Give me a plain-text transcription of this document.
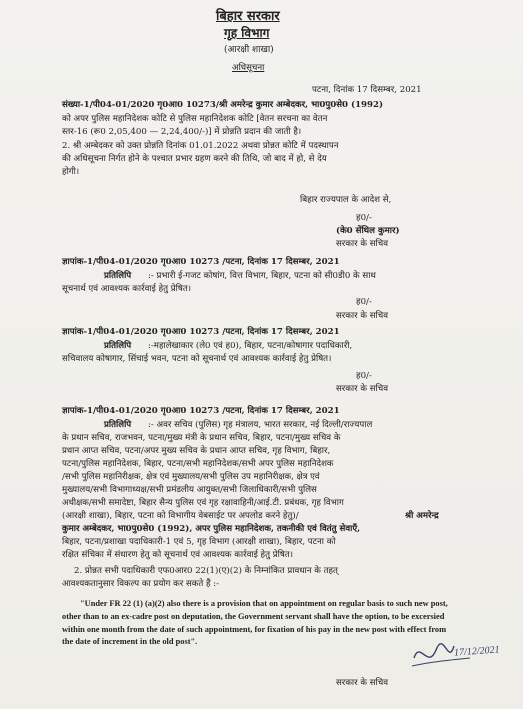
बिहार सरकार
गृह विभाग
(आरक्षी शाखा)
अधिसूचना
पटना, दिनांक 17 दिसम्बर, 2021
संख्या-1/पी04-01/2020 गृ0आ0 10273/श्री अमरेन्द्र कुमार अम्बेदकर, भा0पु0से0 (1992)
को अपर पुलिस महानिदेशक कोटि से पुलिस महानिदेशक कोटि [वेतन सरचना का वेतन
स्तर-16 (रू0 2,05,400 — 2,24,400/-)] में प्रोन्नति प्रदान की जाती है।
2. श्री अम्बेदकर को उक्त प्रोन्नति दिनांक 01.01.2022 अथवा प्रोन्नत कोटि में पदस्थापन
की अधिसूचना निर्गत होने के पश्चात प्रभार ग्रहण करने की तिथि, जो बाद में हो, से देय
होगी।
बिहार राज्यपाल के आदेश से,
ह0/-
(के0 सेंथिल कुमार)
सरकार के सचिव
ज्ञापांक-1/पी04-01/2020 गृ0आ0 10273 /पटना, दिनांक 17 दिसम्बर, 2021
प्रतिलिपि :- प्रभारी ई-गजट कोषांग, वित्त विभाग, बिहार, पटना को सी0डी0 के साथ
सूचनार्थ एवं आवश्यक कार्रवाई हेतु प्रेषित।
ह0/-
सरकार के सचिव
ज्ञापांक-1/पी04-01/2020 गृ0आ0 10273 /पटना, दिनांक 17 दिसम्बर, 2021
प्रतिलिपि :-महालेखाकार (ले0 एवं ह0), बिहार, पटना/कोषागार पदाधिकारी,
सचिवालय कोषागार, सिंचाई भवन, पटना को सूचनार्थ एवं आवश्यक कार्रवाई हेतु प्रेषित।
ह0/-
सरकार के सचिव
ज्ञापांक-1/पी04-01/2020 गृ0आ0 10273 /पटना, दिनांक 17 दिसम्बर, 2021
प्रतिलिपि :- अवर सचिव (पुलिस) गृह मंत्रालय, भारत सरकार, नई दिल्ली/राज्यपाल
के प्रधान सचिव, राजभवन, पटना/मुख्य मंत्री के प्रधान सचिव, बिहार, पटना/मुख्य सचिव के
प्रधान आप्त सचिव, पटना/अपर मुख्य सचिव के प्रधान आप्त सचिव, गृह विभाग, बिहार,
पटना/पुलिस महानिदेशक, बिहार, पटना/सभी महानिदेशक/सभी अपर पुलिस महानिदेशक
/सभी पुलिस महानिरीक्षक, क्षेत्र एवं मुख्यालय/सभी पुलिस उप महानिरीक्षक, क्षेत्र एवं
मुख्यालय/सभी विभागाध्यक्ष/सभी प्रमंडलीय आयुक्त/सभी जिलाधिकारी/सभी पुलिस
अधीक्षक/सभी समादेष्टा, बिहार सैन्य पुलिस एवं गृह रक्षावाहिनी/आई.टी. प्रबंधक, गृह विभाग
(आरक्षी शाखा), बिहार, पटना को विभागीय वेबसाईट पर अपलोड करने हेतु)/	श्री अमरेन्द्र
कुमार अम्बेदकर, भा0पु0से0 (1992), अपर पुलिस महानिदेशक, तकनीकी एवं वितंतु सेवाएँ,
बिहार, पटना/प्रशाखा पदाधिकारी-1 एवं 5, गृह विभाग (आरक्षी शाखा), बिहार, पटना को
रक्षित संचिका में संधारण हेतु को सूचनार्थ एवं आवश्यक कार्रवाई हेतु प्रेषित।
2. प्रोन्नत सभी पदाधिकारी एफ0आर0 22(1)(ए)(2) के निम्नांकित प्रावधान के तहत्
आवश्यकतानुसार विकल्प का प्रयोग कर सकते हैं :-
"Under FR 22 (1) (a)(2) also there is a provision that on appointment on regular basis to such new post, other than to an ex-cadre post on deputation, the Government servant shall have the option, to be excersied within one month from the date of such appointment, for fixation of his pay in the new post with effect from the date of increment in the old post".
17/12/2021
सरकार के सचिव
